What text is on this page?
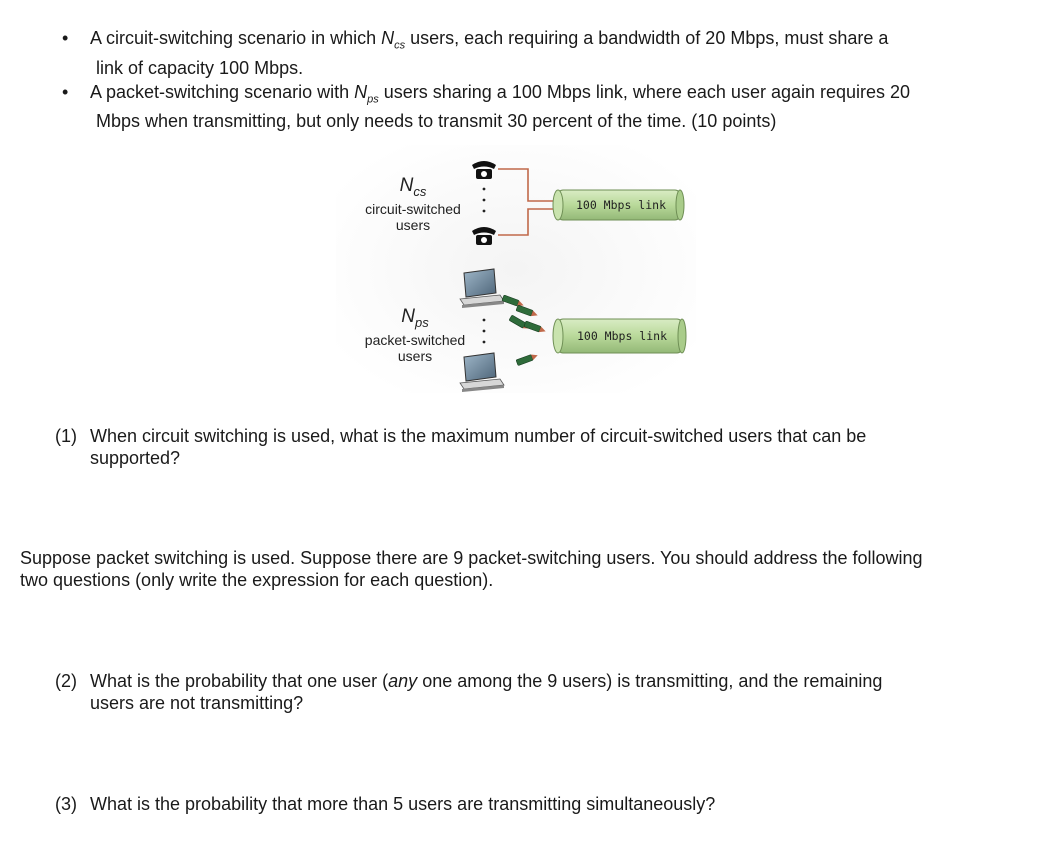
• A circuit-switching scenario in which $N_{cs}$ users, each requiring a bandwidth of 20 Mbps, must share a
link of capacity 100 Mbps.
• A packet-switching scenario with $N_{ps}$ users sharing a 100 Mbps link, where each user again requires 20
Mbps when transmitting, but only needs to transmit 30 percent of the time. (10 points)
100 Mbps link
100 Mbps link
$N_{cs}$
circuit-switched
users
$N_{ps}$
packet-switched
users
(1) When circuit switching is used, what is the maximum number of circuit-switched users that can be
supported?
Suppose packet switching is used. Suppose there are 9 packet-switching users. You should address the following
two questions (only write the expression for each question).
(2) What is the probability that one user (any one among the 9 users) is transmitting, and the remaining
users are not transmitting?
(3) What is the probability that more than 5 users are transmitting simultaneously?
